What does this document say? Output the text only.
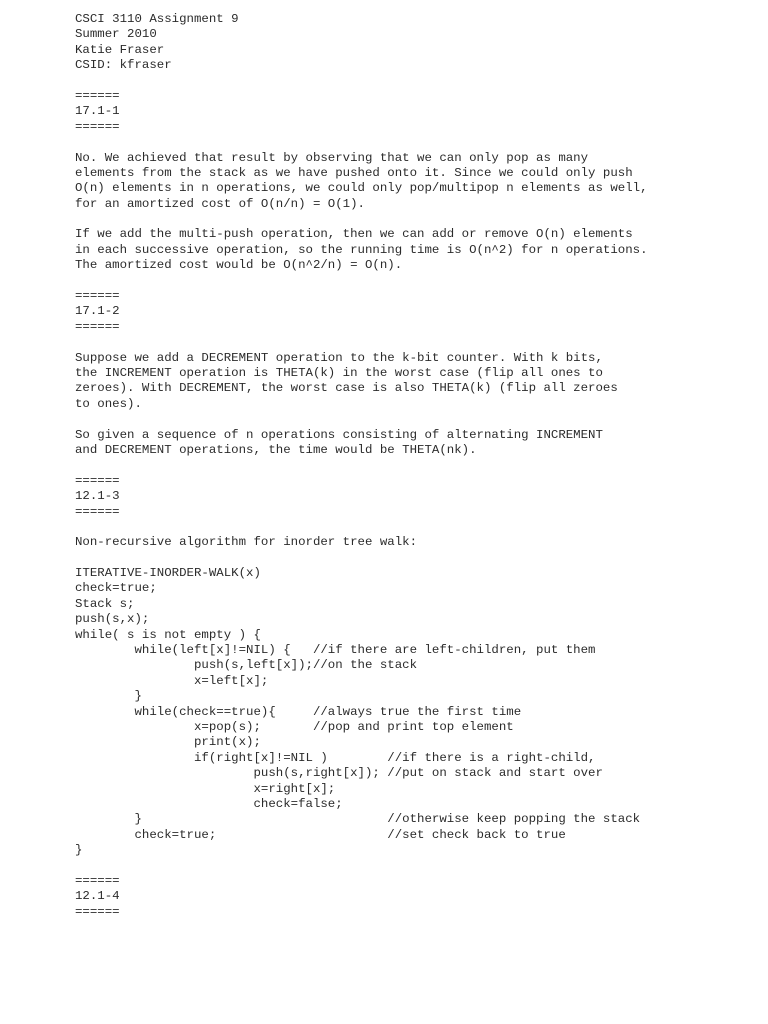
CSCI 3110 Assignment 9
Summer 2010
Katie Fraser
CSID: kfraser
======
17.1-1
======
No. We achieved that result by observing that we can only pop as many
elements from the stack as we have pushed onto it. Since we could only push
O(n) elements in n operations, we could only pop/multipop n elements as well,
for an amortized cost of O(n/n) = O(1).
If we add the multi-push operation, then we can add or remove O(n) elements
in each successive operation, so the running time is O(n^2) for n operations.
The amortized cost would be O(n^2/n) = O(n).
======
17.1-2
======
Suppose we add a DECREMENT operation to the k-bit counter. With k bits,
the INCREMENT operation is THETA(k) in the worst case (flip all ones to
zeroes). With DECREMENT, the worst case is also THETA(k) (flip all zeroes
to ones).
So given a sequence of n operations consisting of alternating INCREMENT
and DECREMENT operations, the time would be THETA(nk).
======
12.1-3
======
Non-recursive algorithm for inorder tree walk:
ITERATIVE-INORDER-WALK(x)
check=true;
Stack s;
push(s,x);
while( s is not empty ) {
while(left[x]!=NIL) {   //if there are left-children, put them
push(s,left[x]);//on the stack
x=left[x];
}
while(check==true){     //always true the first time
x=pop(s);       //pop and print top element
print(x);
if(right[x]!=NIL )        //if there is a right-child,
push(s,right[x]); //put on stack and start over
x=right[x];
check=false;
}                                 //otherwise keep popping the stack
check=true;                       //set check back to true
}
======
12.1-4
======
